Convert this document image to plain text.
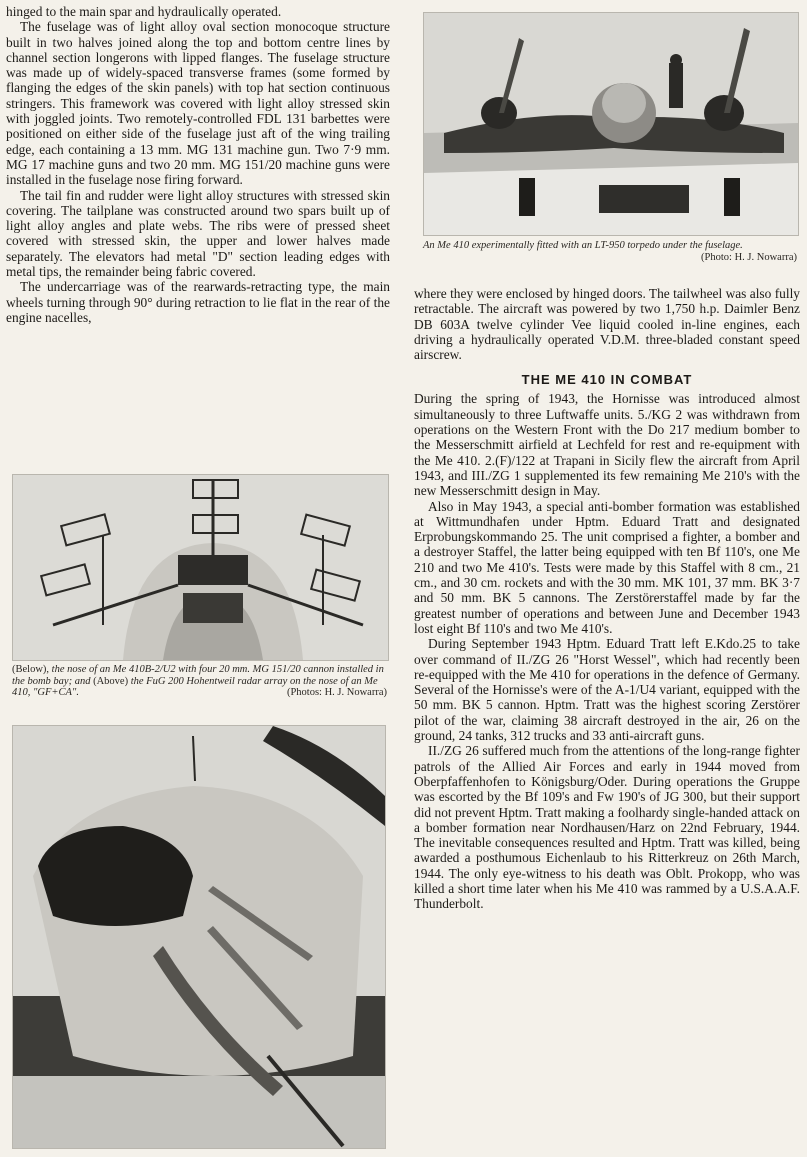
hinged to the main spar and hydraulically operated.

The fuselage was of light alloy oval section monocoque structure built in two halves joined along the top and bottom centre lines by channel section longerons with lipped flanges. The fuselage structure was made up of widely-spaced transverse frames (some formed by flanging the edges of the skin panels) with top hat section continuous stringers. This framework was covered with light alloy stressed skin with joggled joints. Two remotely-controlled FDL 131 barbettes were positioned on either side of the fuselage just aft of the wing trailing edge, each containing a 13 mm. MG 131 machine gun. Two 7·9 mm. MG 17 machine guns and two 20 mm. MG 151/20 machine guns were installed in the fuselage nose firing forward.

The tail fin and rudder were light alloy structures with stressed skin covering. The tailplane was constructed around two spars built up of light alloy angles and plate webs. The ribs were of pressed sheet covered with stressed skin, the upper and lower halves made separately. The elevators had metal "D" section leading edges with metal tips, the remainder being fabric covered.

The undercarriage was of the rearwards-retracting type, the main wheels turning through 90° during retraction to lie flat in the rear of the engine nacelles,

An Me 410 experimentally fitted with an LT-950 torpedo under the fuselage.
(Photo: H. J. Nowarra)

where they were enclosed by hinged doors. The tailwheel was also fully retractable. The aircraft was powered by two 1,750 h.p. Daimler Benz DB 603A twelve cylinder Vee liquid cooled in-line engines, each driving a hydraulically operated V.D.M. three-bladed constant speed airscrew.

THE ME 410 IN COMBAT

During the spring of 1943, the Hornisse was introduced almost simultaneously to three Luftwaffe units. 5./KG 2 was withdrawn from operations on the Western Front with the Do 217 medium bomber to the Messerschmitt airfield at Lechfeld for rest and re-equipment with the Me 410. 2.(F)/122 at Trapani in Sicily flew the aircraft from April 1943, and III./ZG 1 supplemented its few remaining Me 210's with the new Messerschmitt design in May.

Also in May 1943, a special anti-bomber formation was established at Wittmundhafen under Hptm. Eduard Tratt and designated Erprobungskommando 25. The unit comprised a fighter, a bomber and a destroyer Staffel, the latter being equipped with ten Bf 110's, one Me 210 and two Me 410's. Tests were made by this Staffel with 8 cm., 21 cm., and 30 cm. rockets and with the 30 mm. MK 101, 37 mm. BK 3·7 and 50 mm. BK 5 cannons. The Zerstörerstaffel made by far the greatest number of operations and between June and December 1943 lost eight Bf 110's and two Me 410's.

During September 1943 Hptm. Eduard Tratt left E.Kdo.25 to take over command of II./ZG 26 "Horst Wessel", which had recently been re-equipped with the Me 410 for operations in the defence of Germany. Several of the Hornisse's were of the A-1/U4 variant, equipped with the 50 mm. BK 5 cannon. Hptm. Tratt was the highest scoring Zerstörer pilot of the war, claiming 38 aircraft destroyed in the air, 26 on the ground, 24 tanks, 312 trucks and 33 anti-aircraft guns.

II./ZG 26 suffered much from the attentions of the long-range fighter patrols of the Allied Air Forces and early in 1944 moved from Oberpfaffenhofen to Königsburg/Oder. During operations the Gruppe was escorted by the Bf 109's and Fw 190's of JG 300, but their support did not prevent Hptm. Tratt making a foolhardy single-handed attack on a bomber formation near Nordhausen/Harz on 22nd February, 1944. The inevitable consequences resulted and Hptm. Tratt was killed, being awarded a posthumous Eichenlaub to his Ritterkreuz on 26th March, 1944. The only eye-witness to his death was Oblt. Prokopp, who was killed a short time later when his Me 410 was rammed by a U.S.A.A.F. Thunderbolt.

(Below), the nose of an Me 410B-2/U2 with four 20 mm. MG 151/20 cannon installed in the bomb bay; and (Above) the FuG 200 Hohentweil radar array on the nose of an Me 410, "GF+CA".	(Photos: H. J. Nowarra)
